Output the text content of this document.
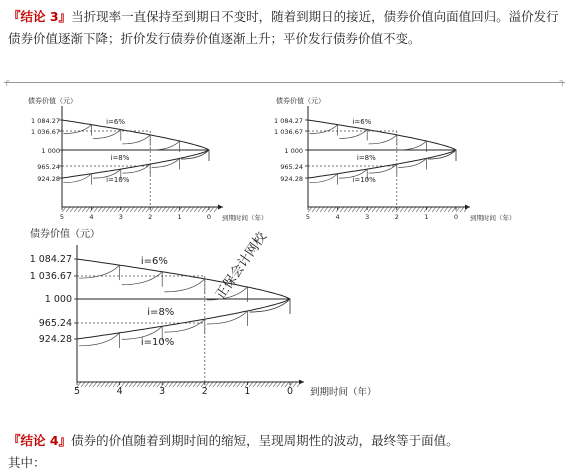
『结论 3』当折现率一直保持至到期日不变时，随着到期日的接近，债券价值向面值回归。溢价发行债券价值逐渐下降；折价发行债券价值逐渐上升；平价发行债券价值不变。
┌	┐
债券价值（元）
到期时间（年）
1 084.27
1 036.67
1 000
965.24
924.28
5	4	3	2	1	0
i=6%
i=8%
i=10%
债券价值（元）
到期时间（年）
1 084.27
1 036.67
1 000
965.24
924.28
5	4	3	2	1	0
i=6%
i=8%
i=10%
债券价值（元）
到期时间（年）
1 084.27
1 036.67
1 000
965.24
924.28
5	4	3	2	1	0
i=6%
i=8%
i=10%
正保会计网校
『结论 4』债券的价值随着到期时间的缩短，呈现周期性的波动，最终等于面值。
其中：
